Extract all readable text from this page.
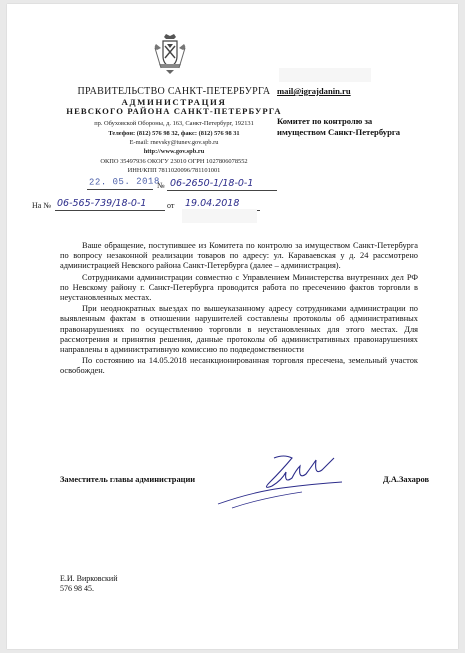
ПРАВИТЕЛЬСТВО САНКТ-ПЕТЕРБУРГА
АДМИНИСТРАЦИЯ
НЕВСКОГО РАЙОНА САНКТ-ПЕТЕРБУРГА
пр. Обуховской Обороны, д. 163, Санкт-Петербург, 192131
Телефон: (812) 576 98 32, факс: (812) 576 98 31
E-mail: rnevsky@tunev.gov.spb.ru
http://www.gov.spb.ru
ОКПО 35497936 ОКОГУ 23010 ОГРН 1027806078552
ИНН/КПП 7811020096/781101001
22. 05. 2018
№ 06-2650-1/18-0-1
На № 06-565-739/18-0-1	от 19.04.2018
mail@igrajdanin.ru
Комитет по контролю за
имуществом Санкт-Петербурга

Ваше обращение, поступившее из Комитета по контролю за имуществом Санкт-Петербурга по вопросу незаконной реализации товаров по адресу: ул. Караваевская у д. 24 рассмотрено администрацией Невского района Санкт-Петербурга (далее – администрация).

Сотрудниками администрации совместно с Управлением Министерства внутренних дел РФ по Невскому району г. Санкт-Петербурга проводится работа по пресечению фактов торговли в неустановленных местах.

При неоднократных выездах по вышеуказанному адресу сотрудниками администрации по выявленным фактам в отношении нарушителей составлены протоколы об административных правонарушениях по осуществлению торговли в неустановленных для этого местах. Для рассмотрения и принятия решения, данные протоколы об административных правонарушениях направлены в административную комиссию по подведомственности

По состоянию на 14.05.2018 несанкционированная торговля пресечена, земельный участок освобожден.

Заместитель главы администрации	Д.А.Захаров
Е.И. Вирковский
576 98 45.
